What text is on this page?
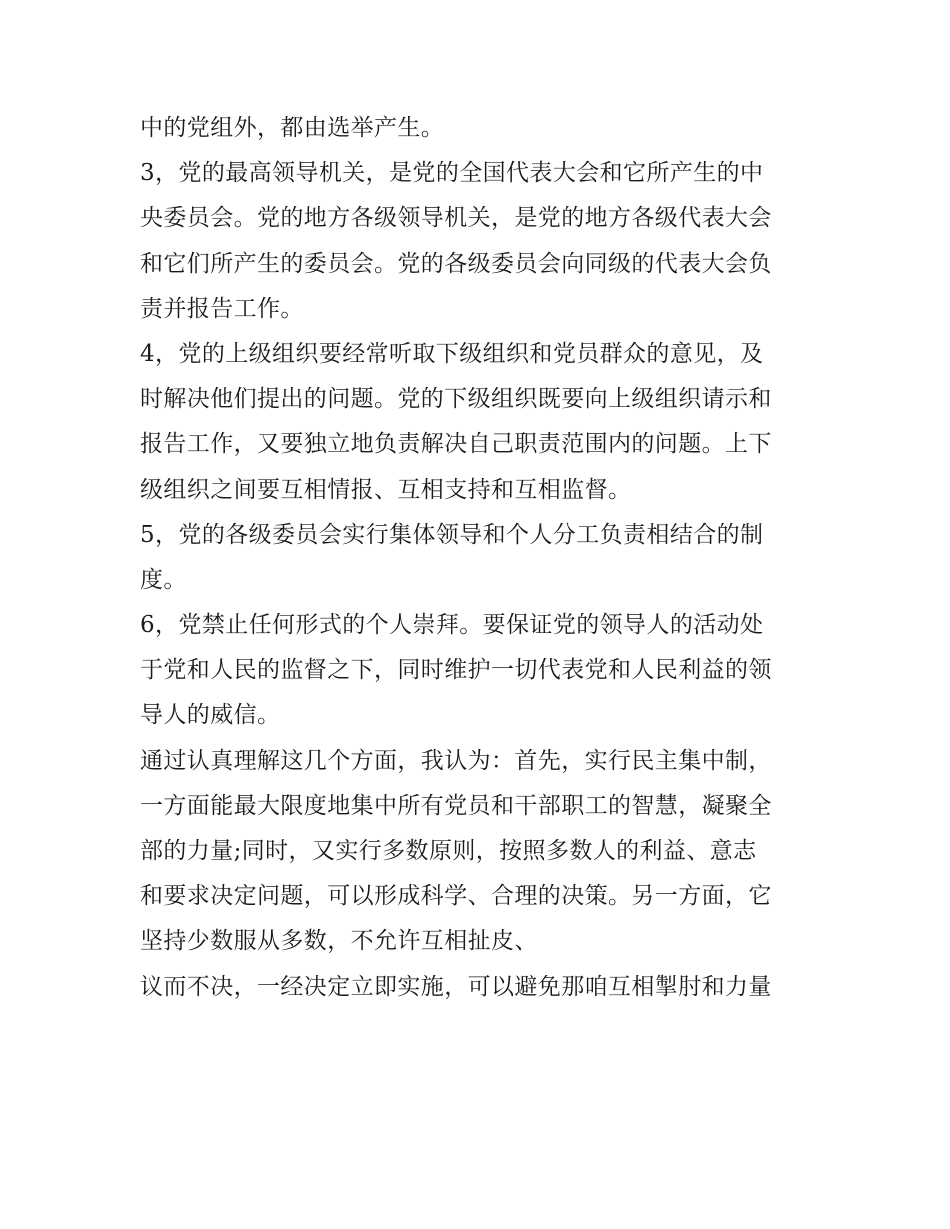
中的党组外，都由选举产生。
3，党的最高领导机关，是党的全国代表大会和它所产生的中
央委员会。党的地方各级领导机关，是党的地方各级代表大会
和它们所产生的委员会。党的各级委员会向同级的代表大会负
责并报告工作。
4，党的上级组织要经常听取下级组织和党员群众的意见，及
时解决他们提出的问题。党的下级组织既要向上级组织请示和
报告工作，又要独立地负责解决自己职责范围内的问题。上下
级组织之间要互相情报、互相支持和互相监督。
5，党的各级委员会实行集体领导和个人分工负责相结合的制
度。
6，党禁止任何形式的个人崇拜。要保证党的领导人的活动处
于党和人民的监督之下，同时维护一切代表党和人民利益的领
导人的威信。
通过认真理解这几个方面，我认为：首先，实行民主集中制，
一方面能最大限度地集中所有党员和干部职工的智慧，凝聚全
部的力量;同时，又实行多数原则，按照多数人的利益、意志
和要求决定问题，可以形成科学、合理的决策。另一方面，它
坚持少数服从多数，不允许互相扯皮、
议而不决，一经决定立即实施，可以避免那咱互相掣肘和力量
